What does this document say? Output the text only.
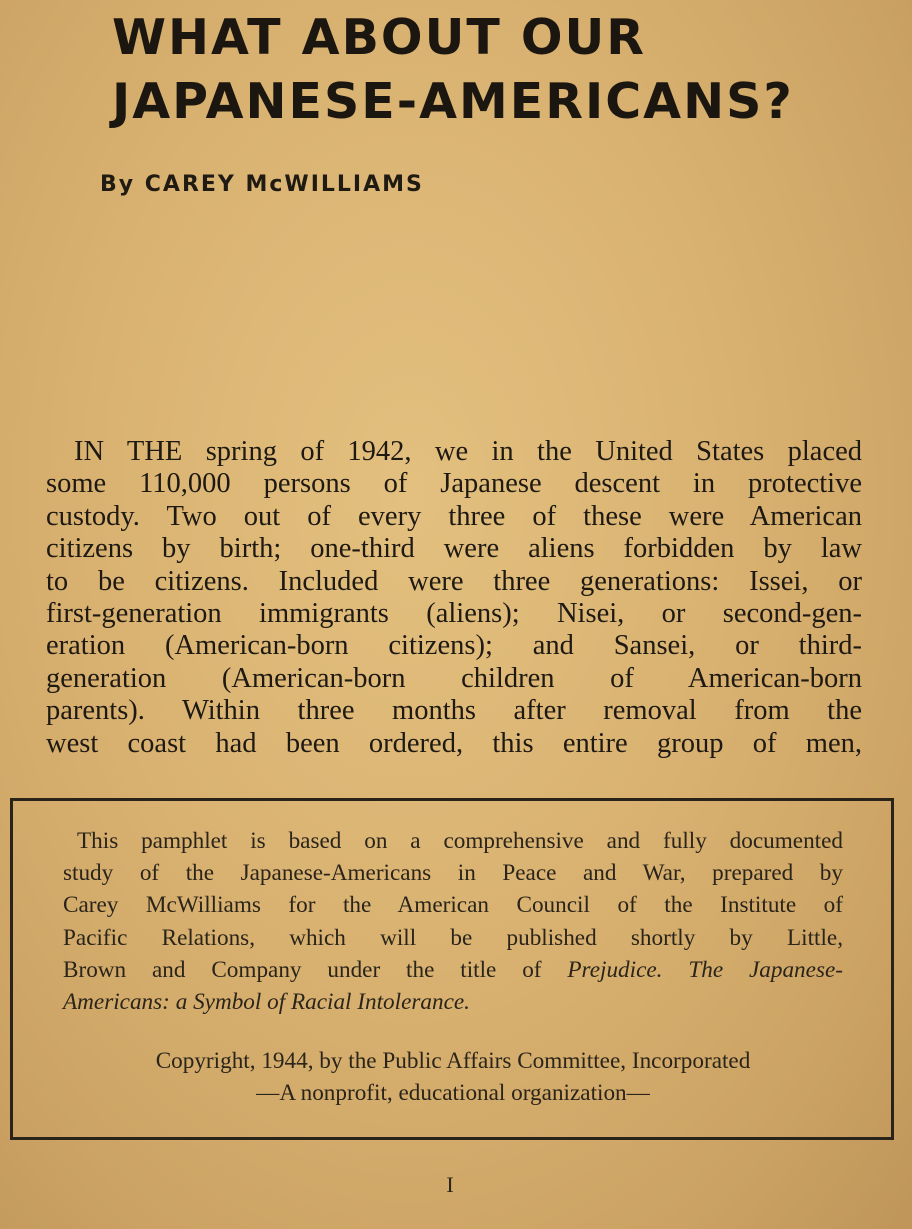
WHAT ABOUT OUR
JAPANESE-AMERICANS?
By CAREY McWILLIAMS
IN THE spring of 1942, we in the United States placed
some 110,000 persons of Japanese descent in protective
custody. Two out of every three of these were American
citizens by birth; one-third were aliens forbidden by law
to be citizens. Included were three generations: Issei, or
first-generation immigrants (aliens); Nisei, or second-gen-
eration (American-born citizens); and Sansei, or third-
generation (American-born children of American-born
parents). Within three months after removal from the
west coast had been ordered, this entire group of men,
This pamphlet is based on a comprehensive and fully documented
study of the Japanese-Americans in Peace and War, prepared by
Carey McWilliams for the American Council of the Institute of
Pacific Relations, which will be published shortly by Little,
Brown and Company under the title of Prejudice. The Japanese-
Americans: a Symbol of Racial Intolerance.
Copyright, 1944, by the Public Affairs Committee, Incorporated
—A nonprofit, educational organization—
I
